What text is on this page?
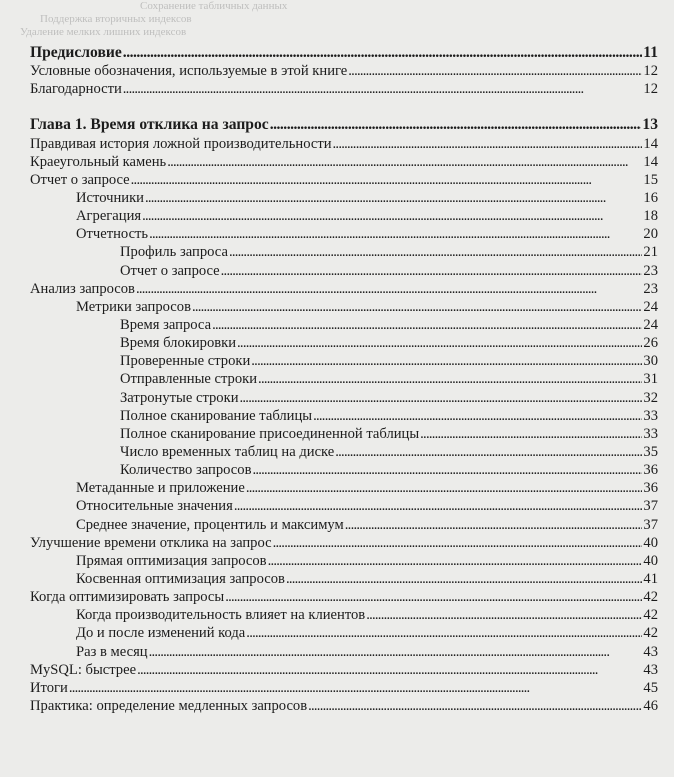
Сохранение табличных данных
Поддержка вторичных индексов
Удаление мелких лишних индексов
Предисловие . . .	11
Условные обозначения, используемые в этой книге . . .	12
Благодарности . . .	12
Глава 1. Время отклика на запрос . . .	13
Правдивая история ложной производительности . . .	14
Краеугольный камень . . .	14
Отчет о запросе . . .	15
Источники . . .	16
Агрегация . . .	18
Отчетность . . .	20
Профиль запроса . . .	21
Отчет о запросе . . .	23
Анализ запросов . . .	23
Метрики запросов . . .	24
Время запроса . . .	24
Время блокировки . . .	26
Проверенные строки . . .	30
Отправленные строки . . .	31
Затронутые строки . . .	32
Полное сканирование таблицы . . .	33
Полное сканирование присоединенной таблицы . . .	33
Число временных таблиц на диске . . .	35
Количество запросов . . .	36
Метаданные и приложение . . .	36
Относительные значения . . .	37
Среднее значение, процентиль и максимум . . .	37
Улучшение времени отклика на запрос . . .	40
Прямая оптимизация запросов . . .	40
Косвенная оптимизация запросов . . .	41
Когда оптимизировать запросы . . .	42
Когда производительность влияет на клиентов . . .	42
До и после изменений кода . . .	42
Раз в месяц . . .	43
MySQL: быстрее . . .	43
Итоги . . .	45
Практика: определение медленных запросов . . .	46
